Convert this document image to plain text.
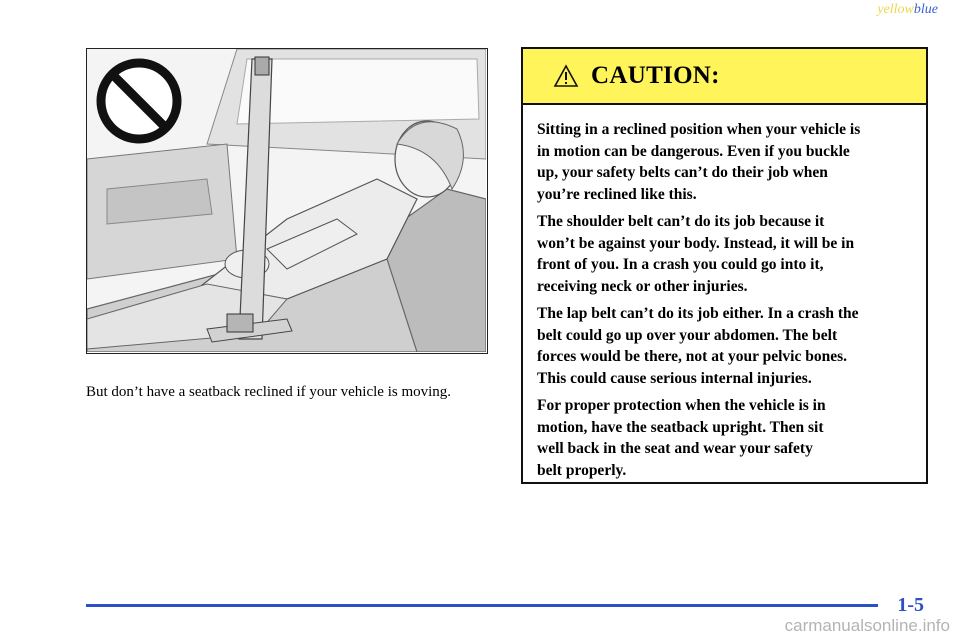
yellowblue
But don’t have a seatback reclined if your vehicle is moving.
CAUTION:

Sitting in a reclined position when your vehicle is
in motion can be dangerous. Even if you buckle
up, your safety belts can’t do their job when
you’re reclined like this.

The shoulder belt can’t do its job because it
won’t be against your body. Instead, it will be in
front of you. In a crash you could go into it,
receiving neck or other injuries.

The lap belt can’t do its job either. In a crash the
belt could go up over your abdomen. The belt
forces would be there, not at your pelvic bones.
This could cause serious internal injuries.

For proper protection when the vehicle is in
motion, have the seatback upright. Then sit
well back in the seat and wear your safety
belt properly.

1-5
carmanualsonline.info
